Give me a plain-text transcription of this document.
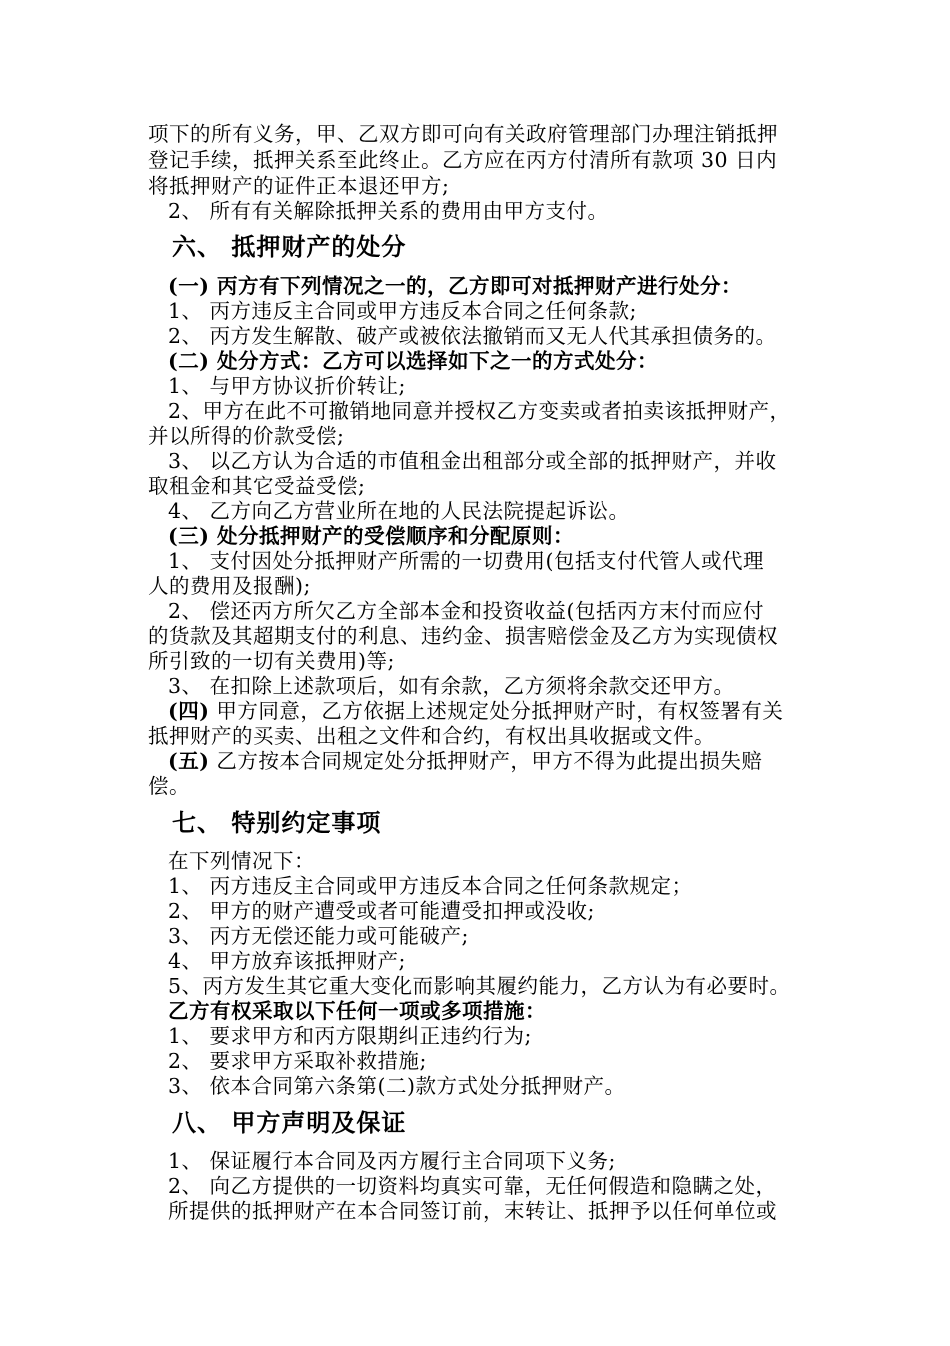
项下的所有义务，甲、乙双方即可向有关政府管理部门办理注销抵押
登记手续，抵押关系至此终止。乙方应在丙方付清所有款项 30 日内
将抵押财产的证件正本退还甲方;
2、 所有有关解除抵押关系的费用由甲方支付。
六、 抵押财产的处分
(一) 丙方有下列情况之一的，乙方即可对抵押财产进行处分：
1、 丙方违反主合同或甲方违反本合同之任何条款;
2、 丙方发生解散、破产或被依法撤销而又无人代其承担债务的。
(二) 处分方式：乙方可以选择如下之一的方式处分：
1、 与甲方协议折价转让;
2、甲方在此不可撤销地同意并授权乙方变卖或者拍卖该抵押财产，
并以所得的价款受偿;
3、 以乙方认为合适的市值租金出租部分或全部的抵押财产，并收
取租金和其它受益受偿;
4、 乙方向乙方营业所在地的人民法院提起诉讼。
(三) 处分抵押财产的受偿顺序和分配原则：
1、 支付因处分抵押财产所需的一切费用(包括支付代管人或代理
人的费用及报酬);
2、 偿还丙方所欠乙方全部本金和投资收益(包括丙方末付而应付
的货款及其超期支付的利息、违约金、损害赔偿金及乙方为实现债权
所引致的一切有关费用)等;
3、 在扣除上述款项后，如有余款，乙方须将余款交还甲方。
(四) 甲方同意，乙方依据上述规定处分抵押财产时，有权签署有关
抵押财产的买卖、出租之文件和合约，有权出具收据或文件。
(五) 乙方按本合同规定处分抵押财产，甲方不得为此提出损失赔
偿。
七、 特别约定事项
在下列情况下：
1、 丙方违反主合同或甲方违反本合同之任何条款规定；
2、 甲方的财产遭受或者可能遭受扣押或没收;
3、 丙方无偿还能力或可能破产;
4、 甲方放弃该抵押财产;
5、丙方发生其它重大变化而影响其履约能力，乙方认为有必要时。
乙方有权采取以下任何一项或多项措施：
1、 要求甲方和丙方限期纠正违约行为;
2、 要求甲方采取补救措施;
3、 依本合同第六条第(二)款方式处分抵押财产。
八、 甲方声明及保证
1、 保证履行本合同及丙方履行主合同项下义务;
2、 向乙方提供的一切资料均真实可靠，无任何假造和隐瞒之处，
所提供的抵押财产在本合同签订前，末转让、抵押予以任何单位或
